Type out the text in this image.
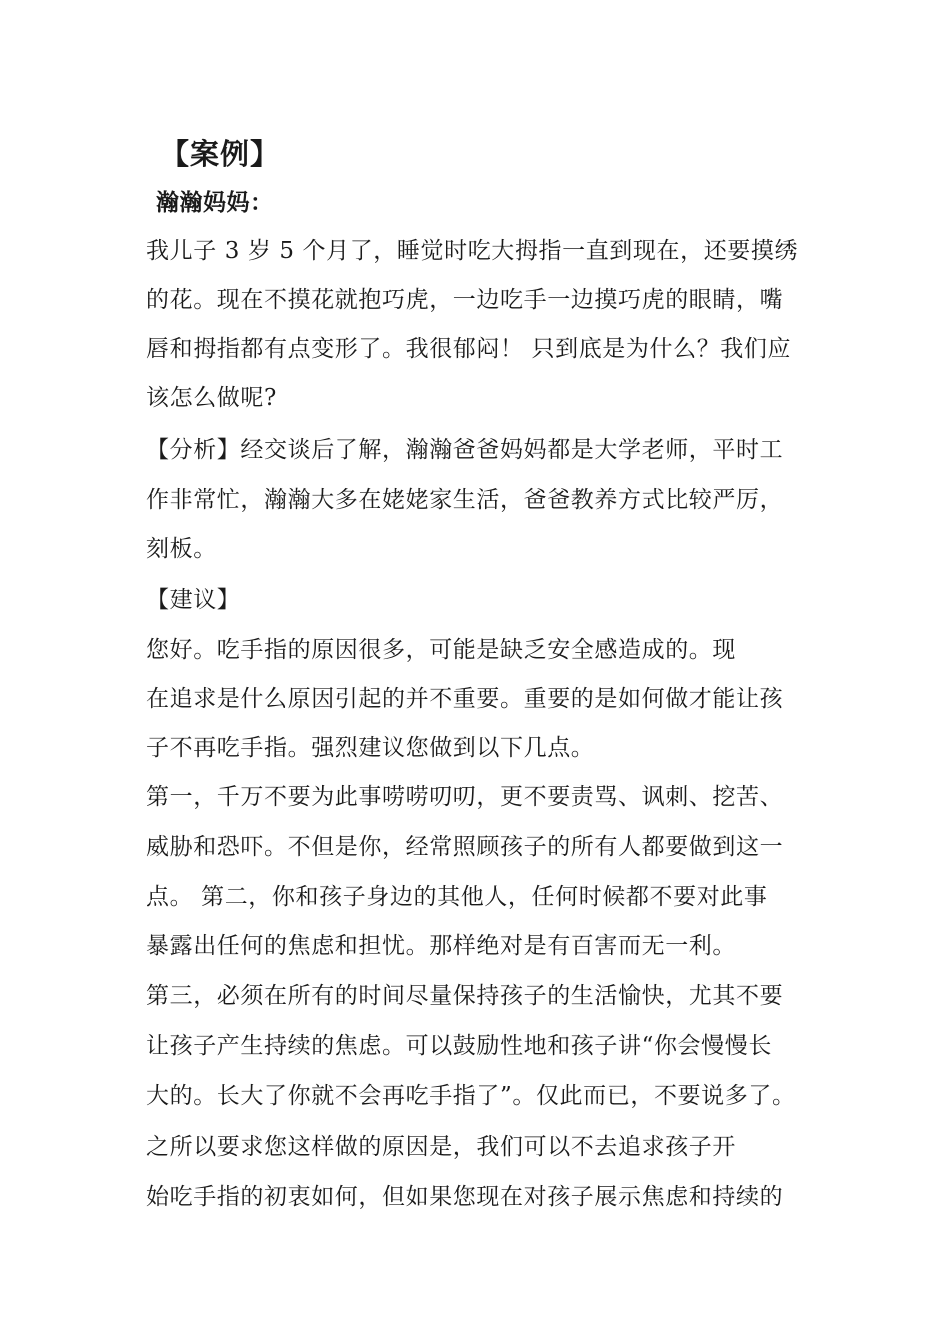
【案例】
瀚瀚妈妈：
我儿子 3 岁 5 个月了，睡觉时吃大拇指一直到现在，还要摸绣
的花。现在不摸花就抱巧虎，一边吃手一边摸巧虎的眼睛，嘴
唇和拇指都有点变形了。我很郁闷！ 只到底是为什么？我们应
该怎么做呢?
【分析】经交谈后了解，瀚瀚爸爸妈妈都是大学老师，平时工
作非常忙，瀚瀚大多在姥姥家生活，爸爸教养方式比较严厉，
刻板。
【建议】
您好。吃手指的原因很多，可能是缺乏安全感造成的。现
在追求是什么原因引起的并不重要。重要的是如何做才能让孩
子不再吃手指。强烈建议您做到以下几点。
第一，千万不要为此事唠唠叨叨，更不要责骂、讽刺、挖苦、
威胁和恐吓。不但是你，经常照顾孩子的所有人都要做到这一
点。 第二，你和孩子身边的其他人，任何时候都不要对此事
暴露出任何的焦虑和担忧。那样绝对是有百害而无一利。
第三，必须在所有的时间尽量保持孩子的生活愉快，尤其不要
让孩子产生持续的焦虑。可以鼓励性地和孩子讲“你会慢慢长
大的。长大了你就不会再吃手指了”。仅此而已，不要说多了。
之所以要求您这样做的原因是，我们可以不去追求孩子开
始吃手指的初衷如何，但如果您现在对孩子展示焦虑和持续的
